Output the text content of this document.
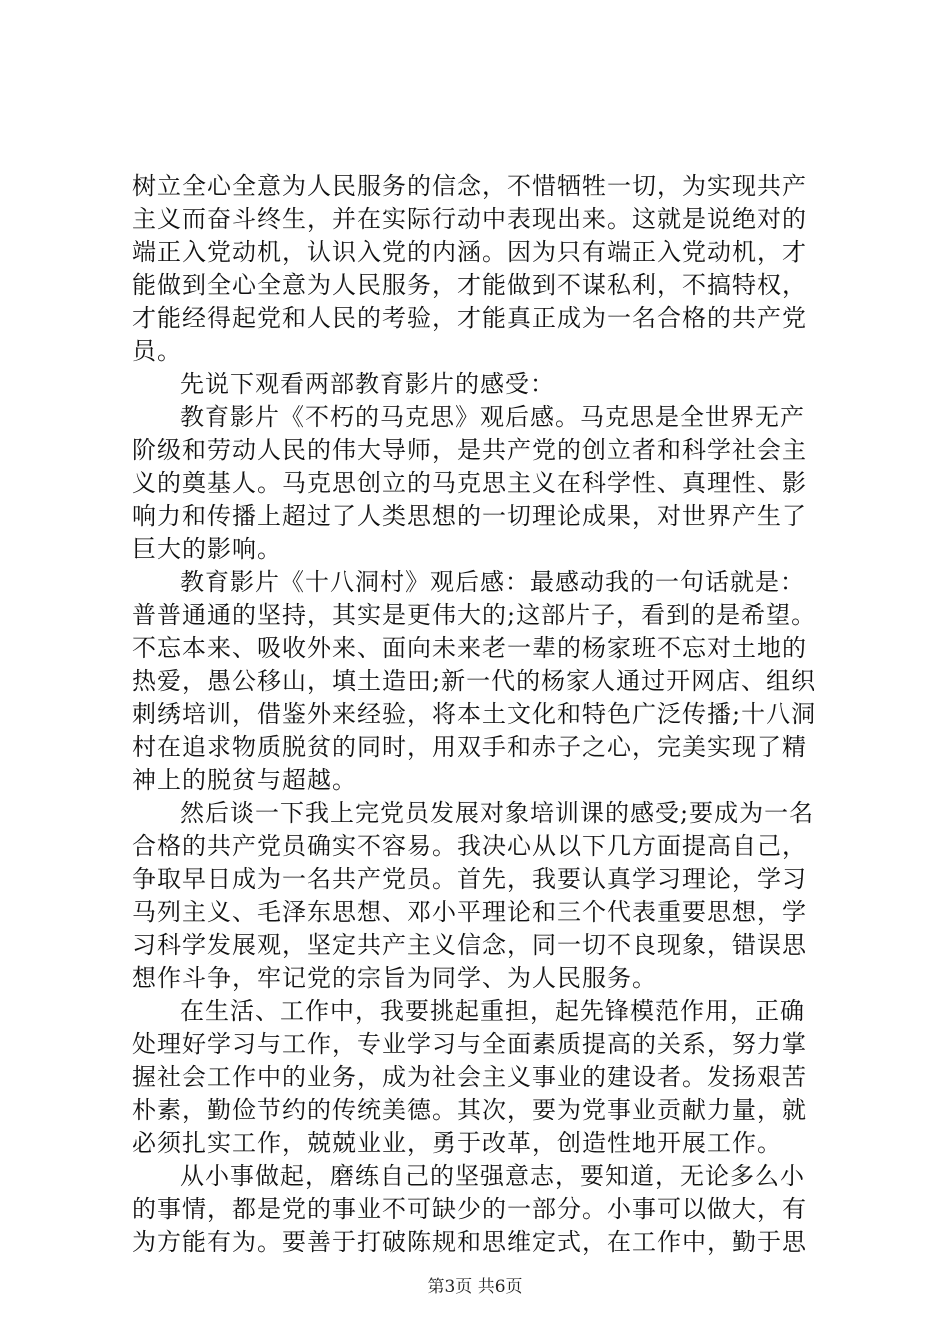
树立全心全意为人民服务的信念，不惜牺牲一切，为实现共产
主义而奋斗终生，并在实际行动中表现出来。这就是说绝对的
端正入党动机，认识入党的内涵。因为只有端正入党动机，才
能做到全心全意为人民服务，才能做到不谋私利，不搞特权，
才能经得起党和人民的考验，才能真正成为一名合格的共产党
员。
先说下观看两部教育影片的感受：
教育影片《不朽的马克思》观后感。马克思是全世界无产
阶级和劳动人民的伟大导师，是共产党的创立者和科学社会主
义的奠基人。马克思创立的马克思主义在科学性、真理性、影
响力和传播上超过了人类思想的一切理论成果，对世界产生了
巨大的影响。
教育影片《十八洞村》观后感：最感动我的一句话就是：
普普通通的坚持，其实是更伟大的;这部片子，看到的是希望。
不忘本来、吸收外来、面向未来老一辈的杨家班不忘对土地的
热爱，愚公移山，填土造田;新一代的杨家人通过开网店、组织
刺绣培训，借鉴外来经验，将本土文化和特色广泛传播;十八洞
村在追求物质脱贫的同时，用双手和赤子之心，完美实现了精
神上的脱贫与超越。
然后谈一下我上完党员发展对象培训课的感受;要成为一名
合格的共产党员确实不容易。我决心从以下几方面提高自己，
争取早日成为一名共产党员。首先，我要认真学习理论，学习
马列主义、毛泽东思想、邓小平理论和三个代表重要思想，学
习科学发展观，坚定共产主义信念，同一切不良现象，错误思
想作斗争，牢记党的宗旨为同学、为人民服务。
在生活、工作中，我要挑起重担，起先锋模范作用，正确
处理好学习与工作，专业学习与全面素质提高的关系，努力掌
握社会工作中的业务，成为社会主义事业的建设者。发扬艰苦
朴素，勤俭节约的传统美德。其次，要为党事业贡献力量，就
必须扎实工作，兢兢业业，勇于改革，创造性地开展工作。
从小事做起，磨练自己的坚强意志，要知道，无论多么小
的事情，都是党的事业不可缺少的一部分。小事可以做大，有
为方能有为。要善于打破陈规和思维定式，在工作中，勤于思
第3页 共6页
